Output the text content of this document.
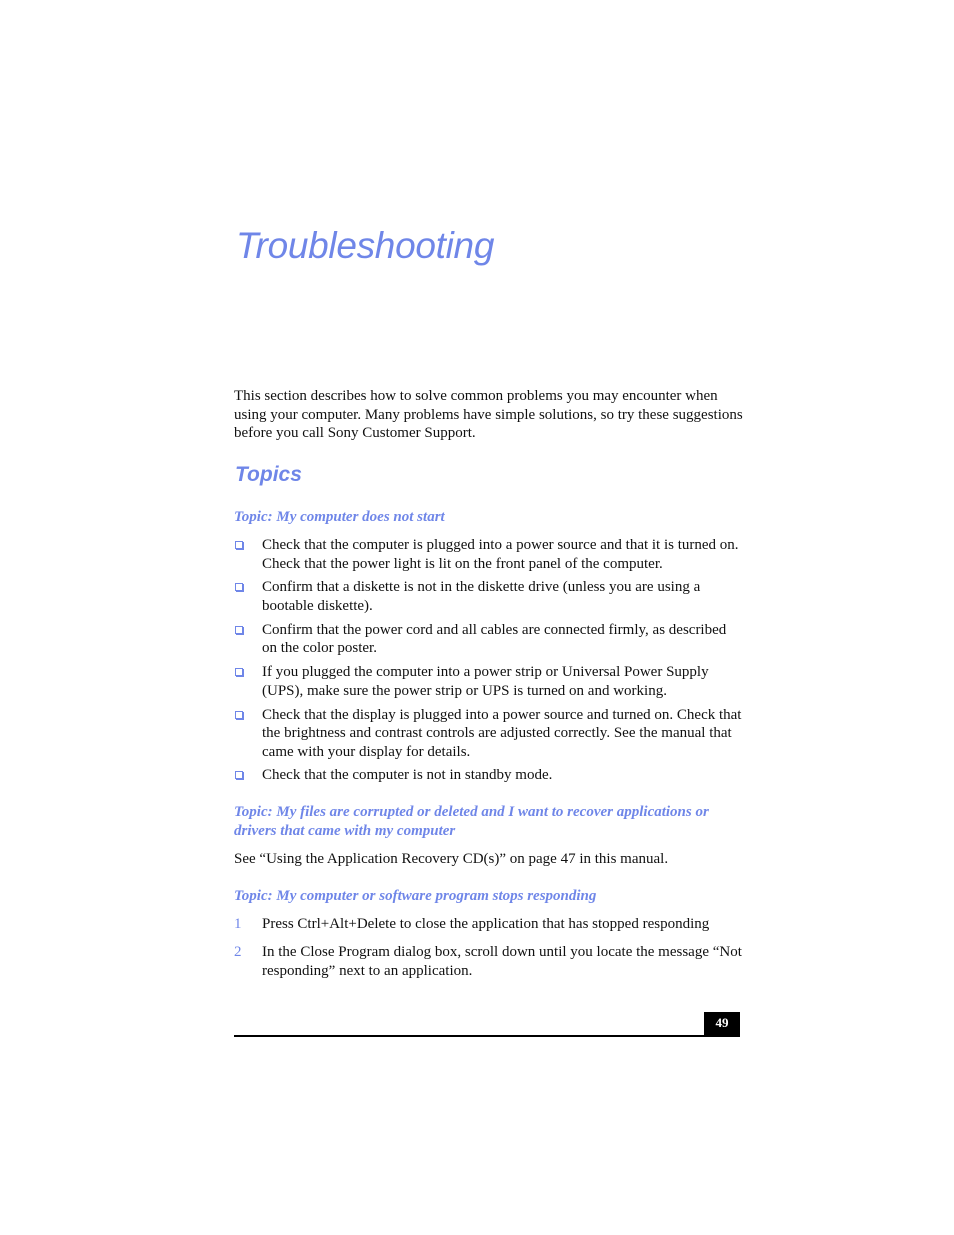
Troubleshooting

This section describes how to solve common problems you may encounter when using your computer. Many problems have simple solutions, so try these suggestions before you call Sony Customer Support.

Topics

Topic: My computer does not start

Check that the computer is plugged into a power source and that it is turned on. Check that the power light is lit on the front panel of the computer.
Confirm that a diskette is not in the diskette drive (unless you are using a bootable diskette).
Confirm that the power cord and all cables are connected firmly, as described on the color poster.
If you plugged the computer into a power strip or Universal Power Supply (UPS), make sure the power strip or UPS is turned on and working.
Check that the display is plugged into a power source and turned on. Check that the brightness and contrast controls are adjusted correctly. See the manual that came with your display for details.
Check that the computer is not in standby mode.

Topic: My files are corrupted or deleted and I want to recover applications or drivers that came with my computer

See “Using the Application Recovery CD(s)” on page 47 in this manual.

Topic: My computer or software program stops responding

1 Press Ctrl+Alt+Delete to close the application that has stopped responding
2 In the Close Program dialog box, scroll down until you locate the message “Not responding” next to an application.
49
